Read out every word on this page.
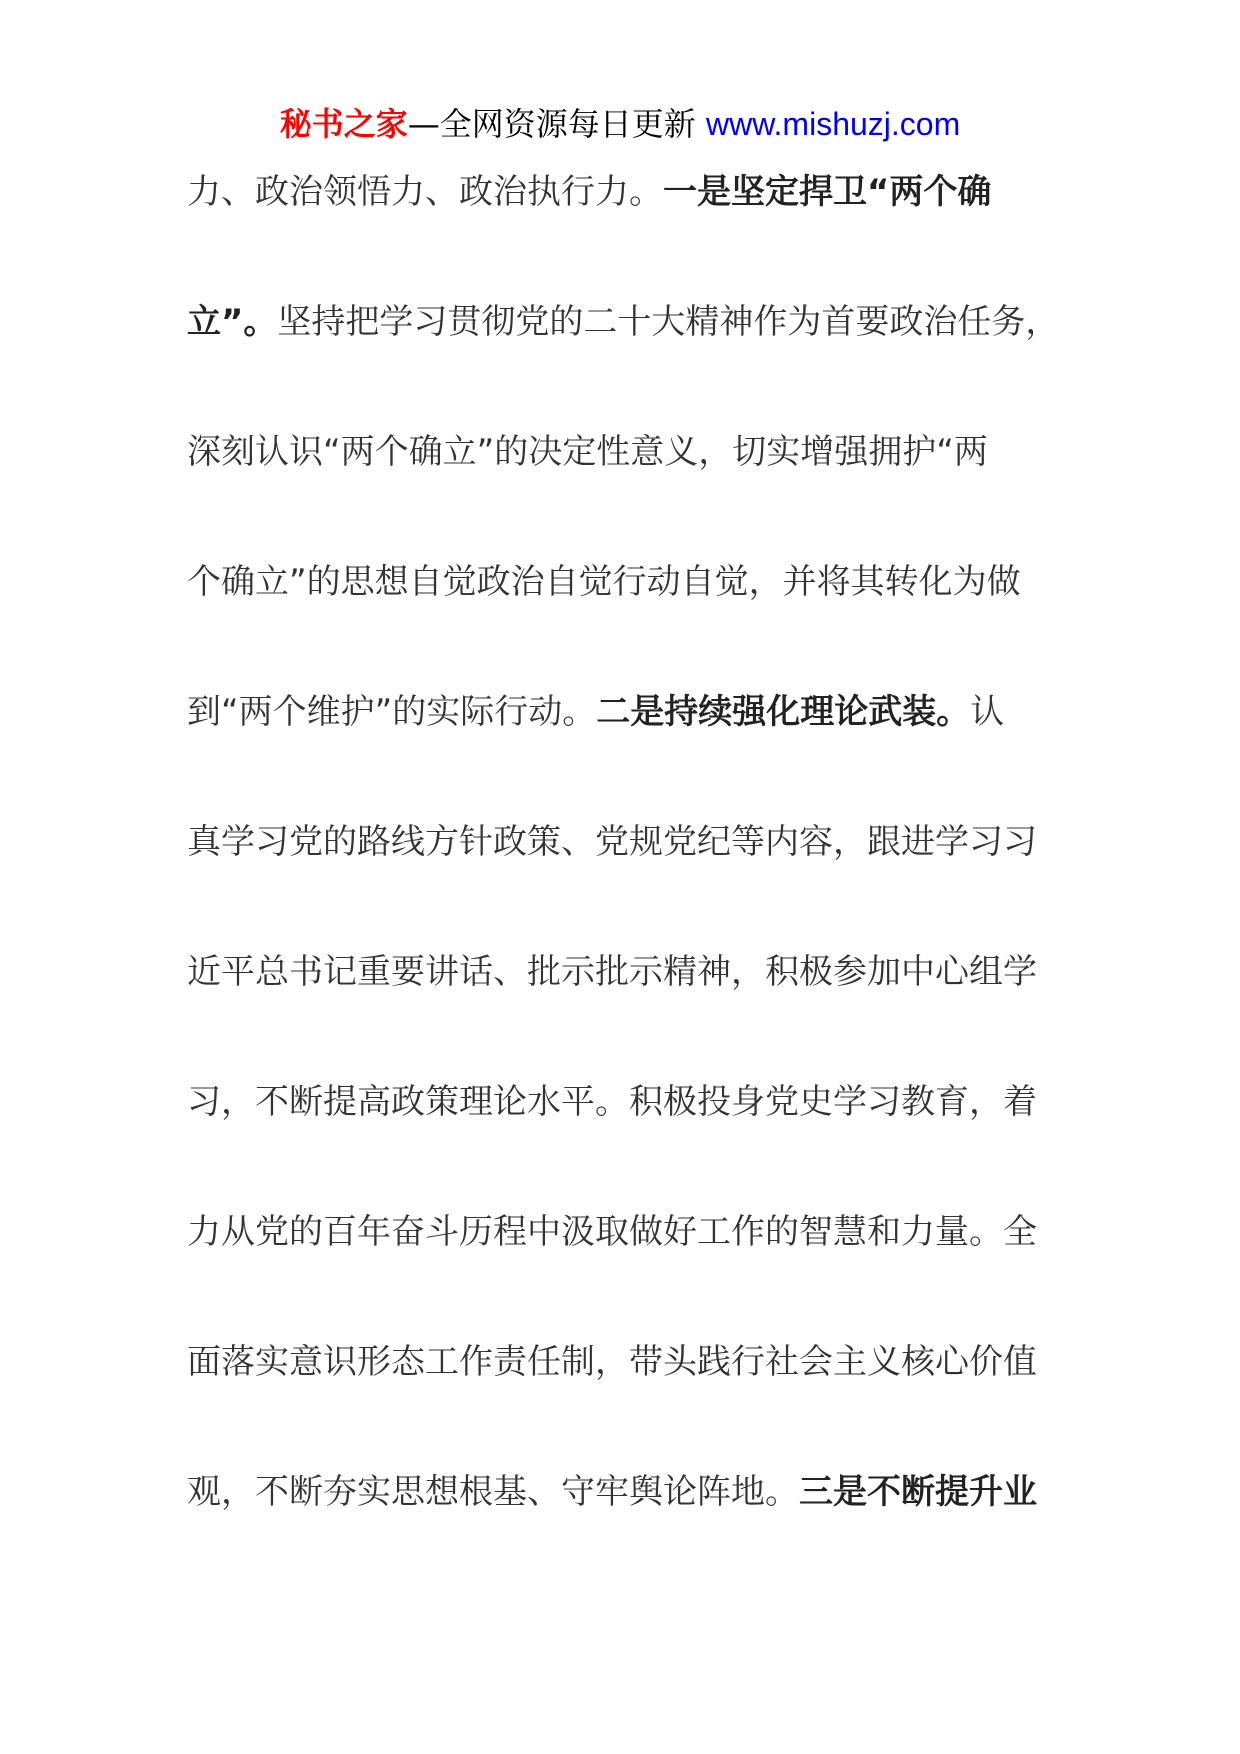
秘书之家—全网资源每日更新 www.mishuzj.com
力、政治领悟力、政治执行力。一是坚定捍卫“两个确
立”。坚持把学习贯彻党的二十大精神作为首要政治任务，
深刻认识“两个确立”的决定性意义，切实增强拥护“两
个确立”的思想自觉政治自觉行动自觉，并将其转化为做
到“两个维护”的实际行动。二是持续强化理论武装。认
真学习党的路线方针政策、党规党纪等内容，跟进学习习
近平总书记重要讲话、批示批示精神，积极参加中心组学
习，不断提高政策理论水平。积极投身党史学习教育，着
力从党的百年奋斗历程中汲取做好工作的智慧和力量。全
面落实意识形态工作责任制，带头践行社会主义核心价值
观，不断夯实思想根基、守牢舆论阵地。三是不断提升业
